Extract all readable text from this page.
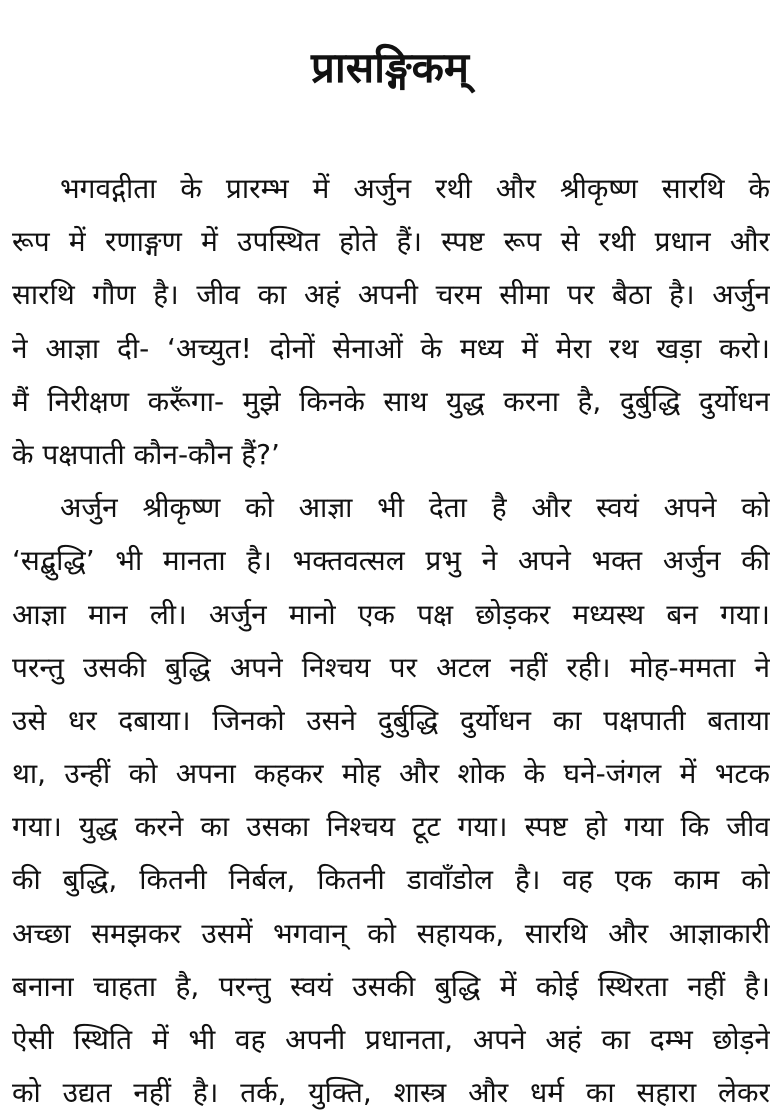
प्रासङ्गिकम्
भगवद्गीता के प्रारम्भ में अर्जुन रथी और श्रीकृष्ण सारथि के
रूप में रणाङ्गण में उपस्थित होते हैं। स्पष्ट रूप से रथी प्रधान और
सारथि गौण है। जीव का अहं अपनी चरम सीमा पर बैठा है। अर्जुन
ने आज्ञा दी- ‘अच्युत! दोनों सेनाओं के मध्य में मेरा रथ खड़ा करो।
मैं निरीक्षण करूँगा- मुझे किनके साथ युद्ध करना है, दुर्बुद्धि दुर्योधन
के पक्षपाती कौन-कौन हैं?’
अर्जुन श्रीकृष्ण को आज्ञा भी देता है और स्वयं अपने को
‘सद्बुद्धि’ भी मानता है। भक्तवत्सल प्रभु ने अपने भक्त अर्जुन की
आज्ञा मान ली। अर्जुन मानो एक पक्ष छोड़कर मध्यस्थ बन गया।
परन्तु उसकी बुद्धि अपने निश्चय पर अटल नहीं रही। मोह-ममता ने
उसे धर दबाया। जिनको उसने दुर्बुद्धि दुर्योधन का पक्षपाती बताया
था, उन्हीं को अपना कहकर मोह और शोक के घने-जंगल में भटक
गया। युद्ध करने का उसका निश्चय टूट गया। स्पष्ट हो गया कि जीव
की बुद्धि, कितनी निर्बल, कितनी डावाँडोल है। वह एक काम को
अच्छा समझकर उसमें भगवान् को सहायक, सारथि और आज्ञाकारी
बनाना चाहता है, परन्तु स्वयं उसकी बुद्धि में कोई स्थिरता नहीं है।
ऐसी स्थिति में भी वह अपनी प्रधानता, अपने अहं का दम्भ छोड़ने
को उद्यत नहीं है। तर्क, युक्ति, शास्त्र और धर्म का सहारा लेकर
